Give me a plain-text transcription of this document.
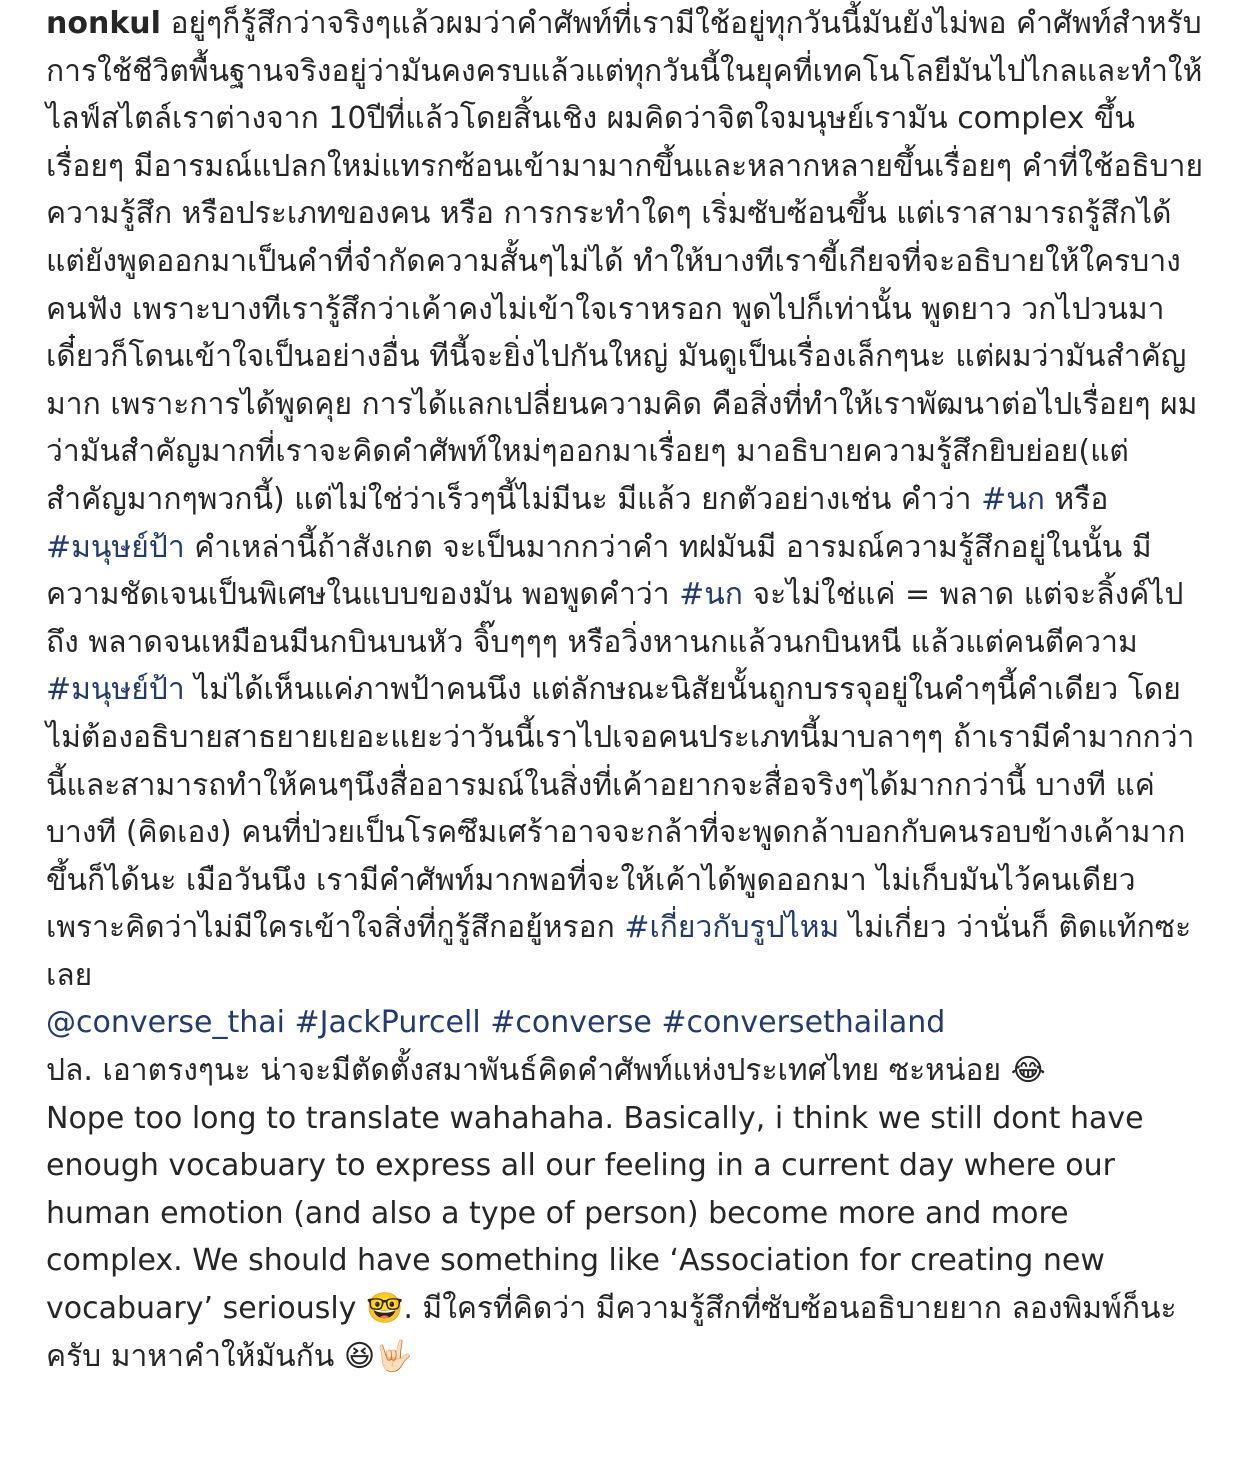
nonkul อยู่ๆก็รู้สึกว่าจริงๆแล้วผมว่าคำศัพท์ที่เรามีใช้อยู่ทุกวันนี้มันยังไม่พอ คำศัพท์สำหรับการใช้ชีวิตพื้นฐานจริงอยู่ว่ามันคงครบแล้วแต่ทุกวันนี้ในยุคที่เทคโนโลยีมันไปไกลและทำให้ไลฟ์สไตล์เราต่างจาก 10ปีที่แล้วโดยสิ้นเชิง ผมคิดว่าจิตใจมนุษย์เรามัน complex ขึ้นเรื่อยๆ มีอารมณ์แปลกใหม่แทรกซ้อนเข้ามามากขึ้นและหลากหลายขึ้นเรื่อยๆ คำที่ใช้อธิบายความรู้สึก หรือประเภทของคน หรือ การกระทำใดๆ เริ่มซับซ้อนขึ้น แต่เราสามารถรู้สึกได้ แต่ยังพูดออกมาเป็นคำที่จำกัดความสั้นๆไม่ได้ ทำให้บางทีเราขี้เกียจที่จะอธิบายให้ใครบางคนฟัง เพราะบางทีเรารู้สึกว่าเค้าคงไม่เข้าใจเราหรอก พูดไปก็เท่านั้น พูดยาว วกไปวนมาเดี๋ยวก็โดนเข้าใจเป็นอย่างอื่น ทีนี้จะยิ่งไปกันใหญ่ มันดูเป็นเรื่องเล็กๆนะ แต่ผมว่ามันสำคัญมาก เพราะการได้พูดคุย การได้แลกเปลี่ยนความคิด คือสิ่งที่ทำให้เราพัฒนาต่อไปเรื่อยๆ ผมว่ามันสำคัญมากที่เราจะคิดคำศัพท์ใหม่ๆออกมาเรื่อยๆ มาอธิบายความรู้สึกยิบย่อย(แต่สำคัญมากๆพวกนี้) แต่ไม่ใช่ว่าเร็วๆนี้ไม่มีนะ มีแล้ว ยกตัวอย่างเช่น คำว่า #นก หรือ #มนุษย์ป้า คำเหล่านี้ถ้าสังเกต จะเป็นมากกว่าคำ ทฝมันมี อารมณ์ความรู้สึกอยู่ในนั้น มีความชัดเจนเป็นพิเศษในแบบของมัน พอพูดคำว่า #นก จะไม่ใช่แค่ = พลาด แต่จะลิ้งค์ไปถึง พลาดจนเหมือนมีนกบินบนหัว จิ๊บๆๆๆ หรือวิ่งหานกแล้วนกบินหนี แล้วแต่คนตีความ #มนุษย์ป้า ไม่ได้เห็นแค่ภาพป้าคนนึง แต่ลักษณะนิสัยนั้นถูกบรรจุอยู่ในคำๆนี้คำเดียว โดยไม่ต้องอธิบายสาธยายเยอะแยะว่าวันนี้เราไปเจอคนประเภทนี้มาบลาๆๆ ถ้าเรามีคำมากกว่านี้และสามารถทำให้คนๆนึงสื่ออารมณ์ในสิ่งที่เค้าอยากจะสื่อจริงๆได้มากกว่านี้ บางที แค่บางที (คิดเอง) คนที่ป่วยเป็นโรคซึมเศร้าอาจจะกล้าที่จะพูดกล้าบอกกับคนรอบข้างเค้ามากขึ้นก็ได้นะ เมือวันนึง เรามีคำศัพท์มากพอที่จะให้เค้าได้พูดออกมา ไม่เก็บมันไว้คนเดียวเพราะคิดว่าไม่มีใครเข้าใจสิ่งที่กูรู้สึกอยู้หรอก #เกี่ยวกับรูปไหม ไม่เกี่ยว ว่านั่นก็ ติดแท้กซะเลย

@converse_thai #JackPurcell #converse #conversethailand

ปล. เอาตรงๆนะ น่าจะมีตัดตั้งสมาพันธ์คิดคำศัพท์แห่งประเทศไทย ซะหน่อย 😂

Nope too long to translate wahahaha. Basically, i think we still dont have enough vocabuary to express all our feeling in a current day where our human emotion (and also a type of person) become more and more complex. We should have something like ‘Association for creating new vocabuary’ seriously 🤓. มีใครที่คิดว่า มีความรู้สึกที่ซับซ้อนอธิบายยาก ลองพิมพ์ก็นะครับ มาหาคำให้มันกัน 😆🤟🏻
